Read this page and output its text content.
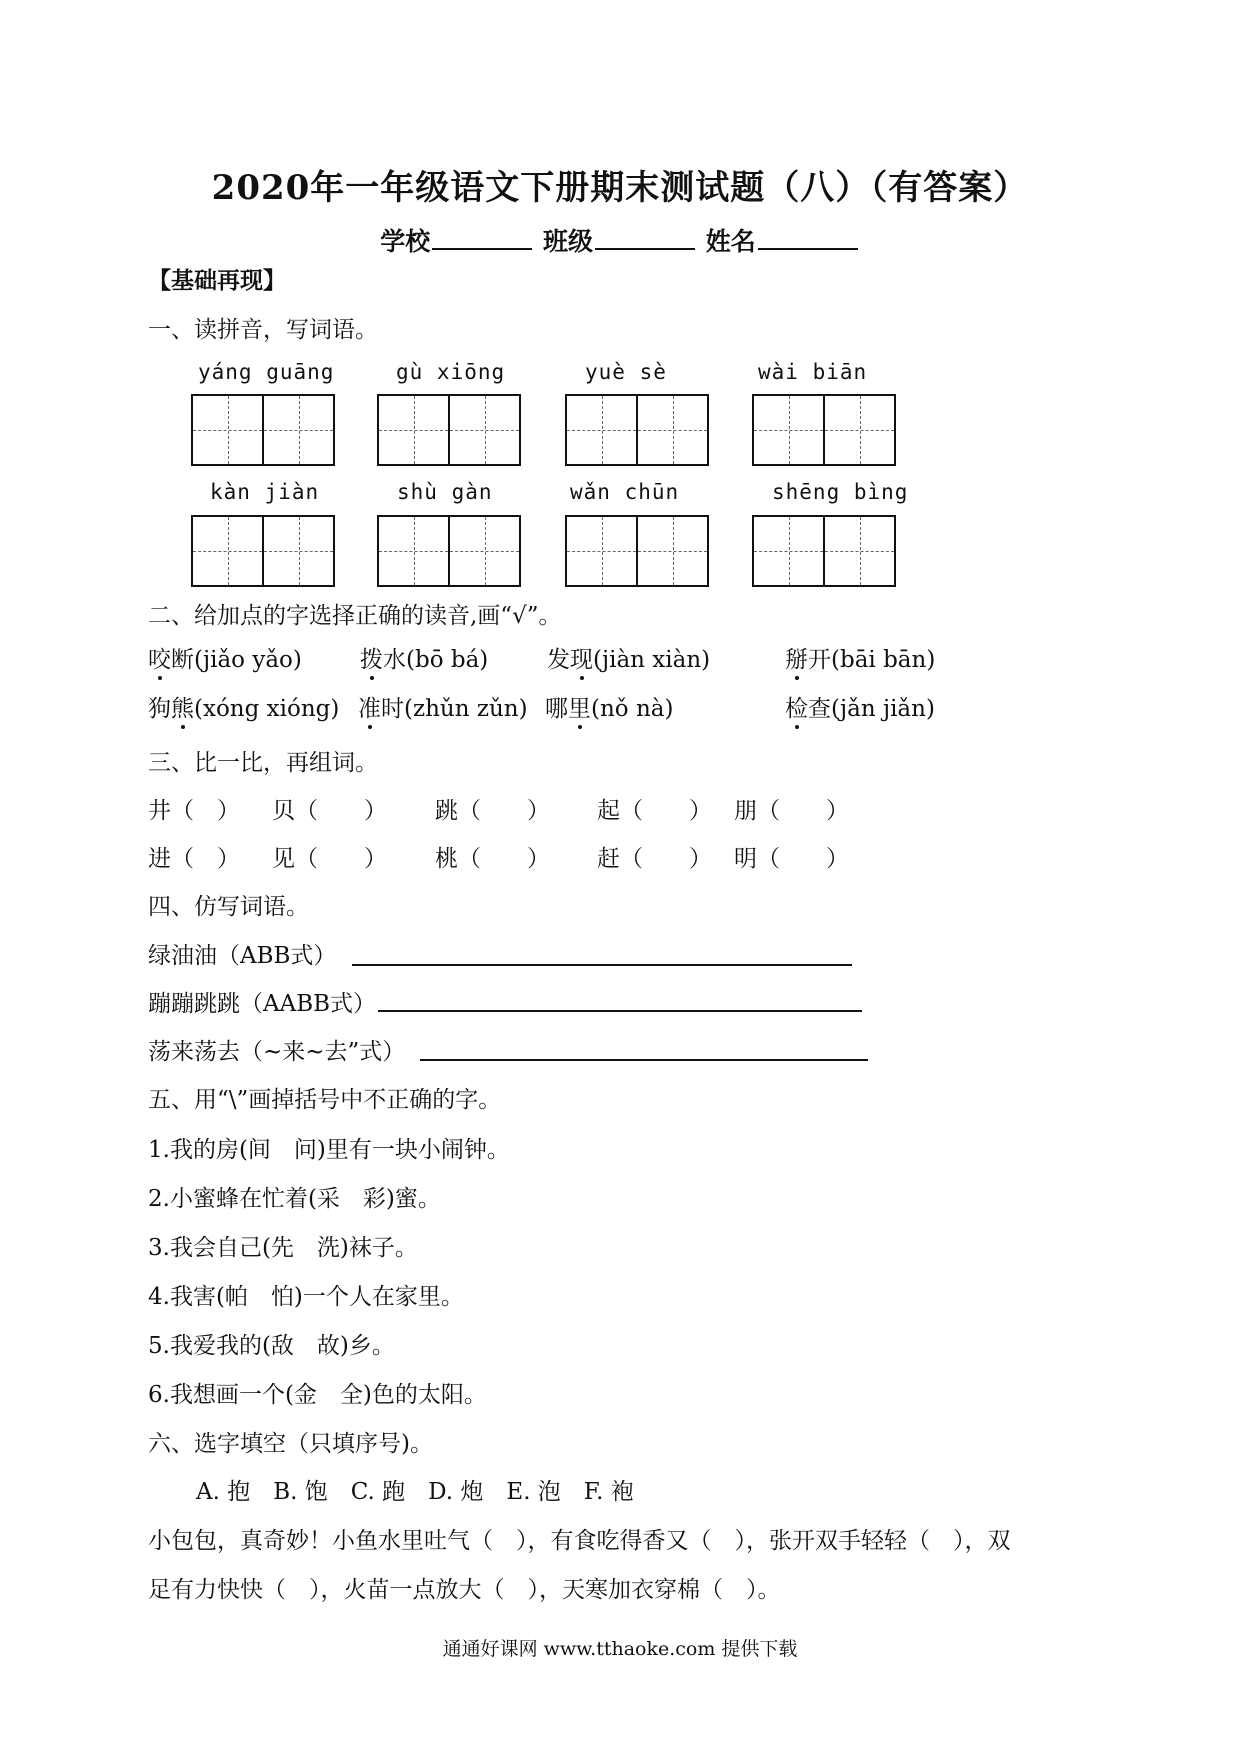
2020年一年级语文下册期末测试题（八）（有答案）
学校	班级	姓名
【基础再现】
一、读拼音，写词语。
yáng guāng	gù xiōng	yuè sè	wài biān
kàn jiàn	shù gàn	wǎn chūn	shēng bìng
二、给加点的字选择正确的读音,画“√”。
咬断(jiǎo yǎo)	拨水(bō bá)	发现(jiàn xiàn)	掰开(bāi bān)
狗熊(xóng xióng) 准时(zhǔn zǔn) 哪里(nǒ nà)	检查(jǎn jiǎn)
三、比一比，再组词。
井（　） 贝（　　） 跳（　　） 起（　　） 朋（　　）
进（　） 见（　　） 桃（　　） 赶（　　） 明（　　）
四、仿写词语。
绿油油（ABB式）
蹦蹦跳跳（AABB式）
荡来荡去（~来~去”式）
五、用“\”画掉括号中不正确的字。
1.我的房(间　问)里有一块小闹钟。
2.小蜜蜂在忙着(采　彩)蜜。
3.我会自己(先　洗)袜子。
4.我害(帕　怕)一个人在家里。
5.我爱我的(敌　故)乡。
6.我想画一个(金　全)色的太阳。
六、选字填空（只填序号)。
A. 抱　B. 饱　C. 跑　D. 炮　E. 泡　F. 袍
小包包，真奇妙！小鱼水里吐气（　），有食吃得香又（　），张开双手轻轻（　），双
足有力快快（　），火苗一点放大（　），天寒加衣穿棉（　）。
通通好课网 www.tthaoke.com 提供下载
